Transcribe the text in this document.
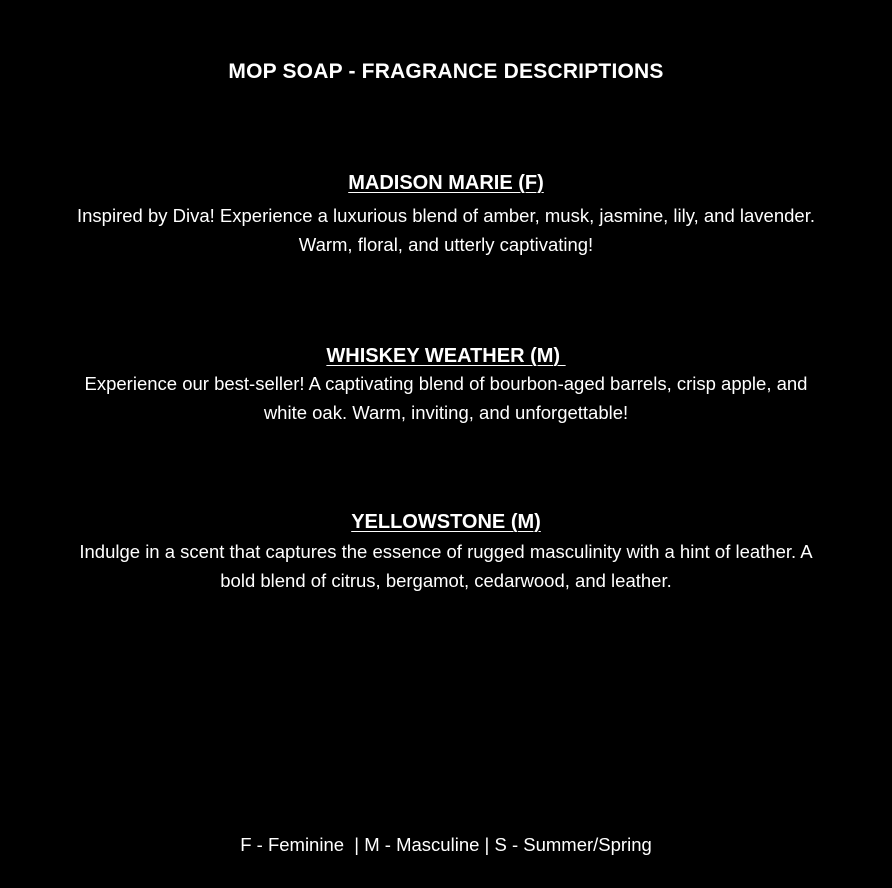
MOP SOAP - FRAGRANCE DESCRIPTIONS
MADISON MARIE (F)

Inspired by Diva! Experience a luxurious blend of amber, musk, jasmine, lily, and lavender. Warm, floral, and utterly captivating!

WHISKEY WEATHER (M)

Experience our best-seller! A captivating blend of bourbon-aged barrels, crisp apple, and white oak. Warm, inviting, and unforgettable!

YELLOWSTONE (M)

Indulge in a scent that captures the essence of rugged masculinity with a hint of leather. A bold blend of citrus, bergamot, cedarwood, and leather.

F - Feminine  | M - Masculine | S - Summer/Spring
